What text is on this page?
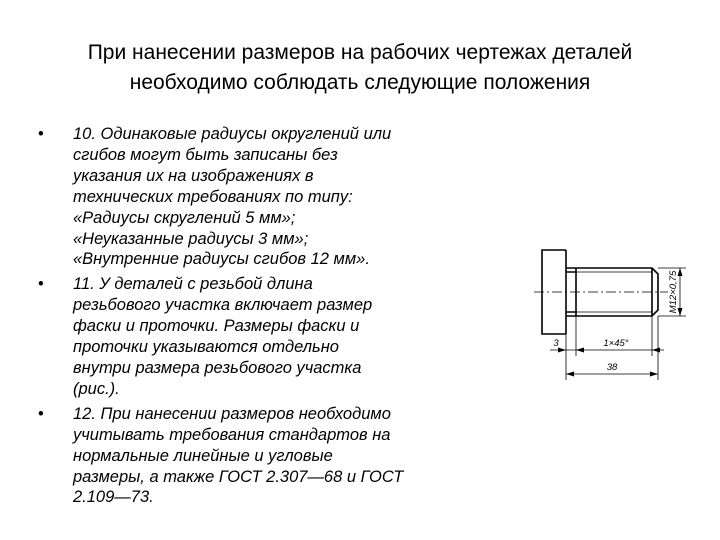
При нанесении размеров на рабочих чертежах деталей
необходимо соблюдать следующие положения
• 10. Одинаковые радиусы округлений или
сгибов могут быть записаны без
указания их на изображениях в
технических требованиях по типу:
«Радиусы скруглений 5 мм»;
«Неуказанные радиусы 3 мм»;
«Внутренние радиусы сгибов 12 мм».
• 11. У деталей с резьбой длина
резьбового участка включает размер
фаски и проточки. Размеры фаски и
проточки указываются отдельно
внутри размера резьбового участка
(рис.).
• 12. При нанесении размеров необходимо
учитывать требования стандартов на
нормальные линейные и угловые
размеры, а также ГОСТ 2.307—68 и ГОСТ
2.109—73.
M12×0,75
3	1×45°
38
